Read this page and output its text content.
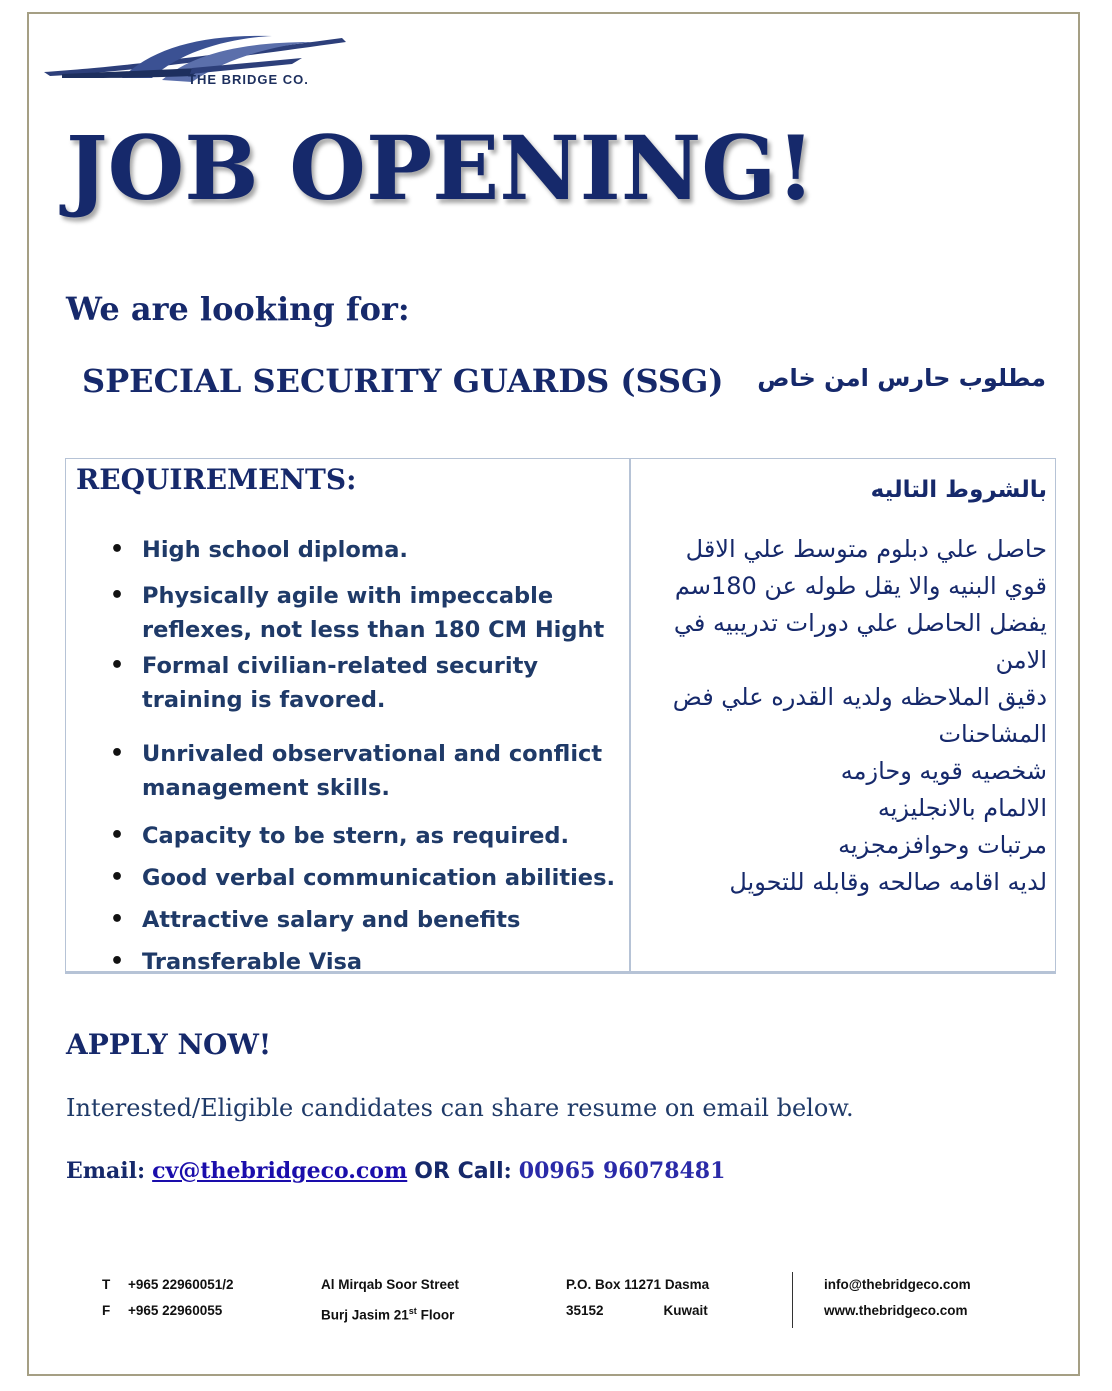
THE BRIDGE CO.
JOB OPENING!
We are looking for:
SPECIAL SECURITY GUARDS (SSG) مطلوب حارس امن خاص
REQUIREMENTS:
• High school diploma.
• Physically agile with impeccable reflexes, not less than 180 CM Hight
• Formal civilian-related security training is favored.
• Unrivaled observational and conflict management skills.
• Capacity to be stern, as required.
• Good verbal communication abilities.
• Attractive salary and benefits
• Transferable Visa
بالشروط التاليه

حاصل علي دبلوم متوسط علي الاقل

قوي البنيه والا يقل طوله عن 180سم

يفضل الحاصل علي دورات تدريبيه في

الامن

دقيق الملاحظه ولديه القدره علي فض

المشاحنات

شخصيه قويه وحازمه

الالمام بالانجليزيه

مرتبات وحوافزمجزيه

لديه اقامه صالحه وقابله للتحويل

APPLY NOW!
Interested/Eligible candidates can share resume on email below.
Email: cv@thebridgeco.com OR Call: 00965 96078481
T +965 22960051/2
F +965 22960055
Al Mirqab Soor Street
Burj Jasim 21st Floor
P.O. Box 11271 Dasma
35152	Kuwait
info@thebridgeco.com
www.thebridgeco.com
